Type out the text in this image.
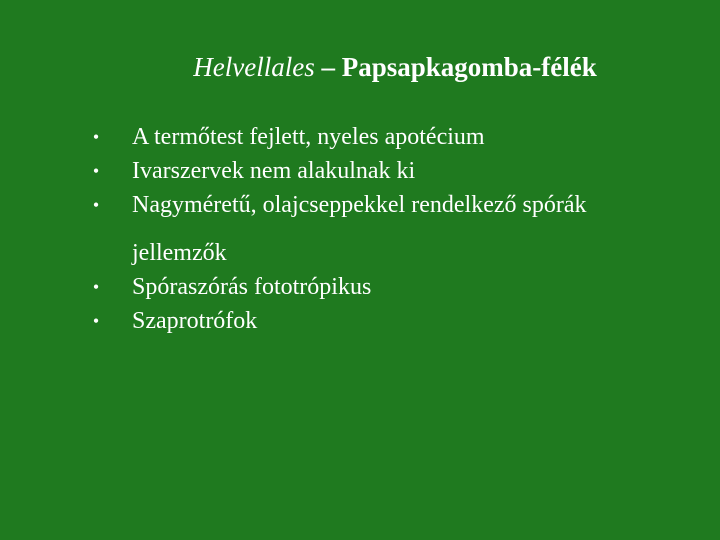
Helvellales – Papsapkagomba-félék
• A termőtest fejlett, nyeles apotécium
• Ivarszervek nem alakulnak ki
• Nagyméretű, olajcseppekkel rendelkező spórák
jellemzők
• Spóraszórás fototrópikus
• Szaprotrófok
